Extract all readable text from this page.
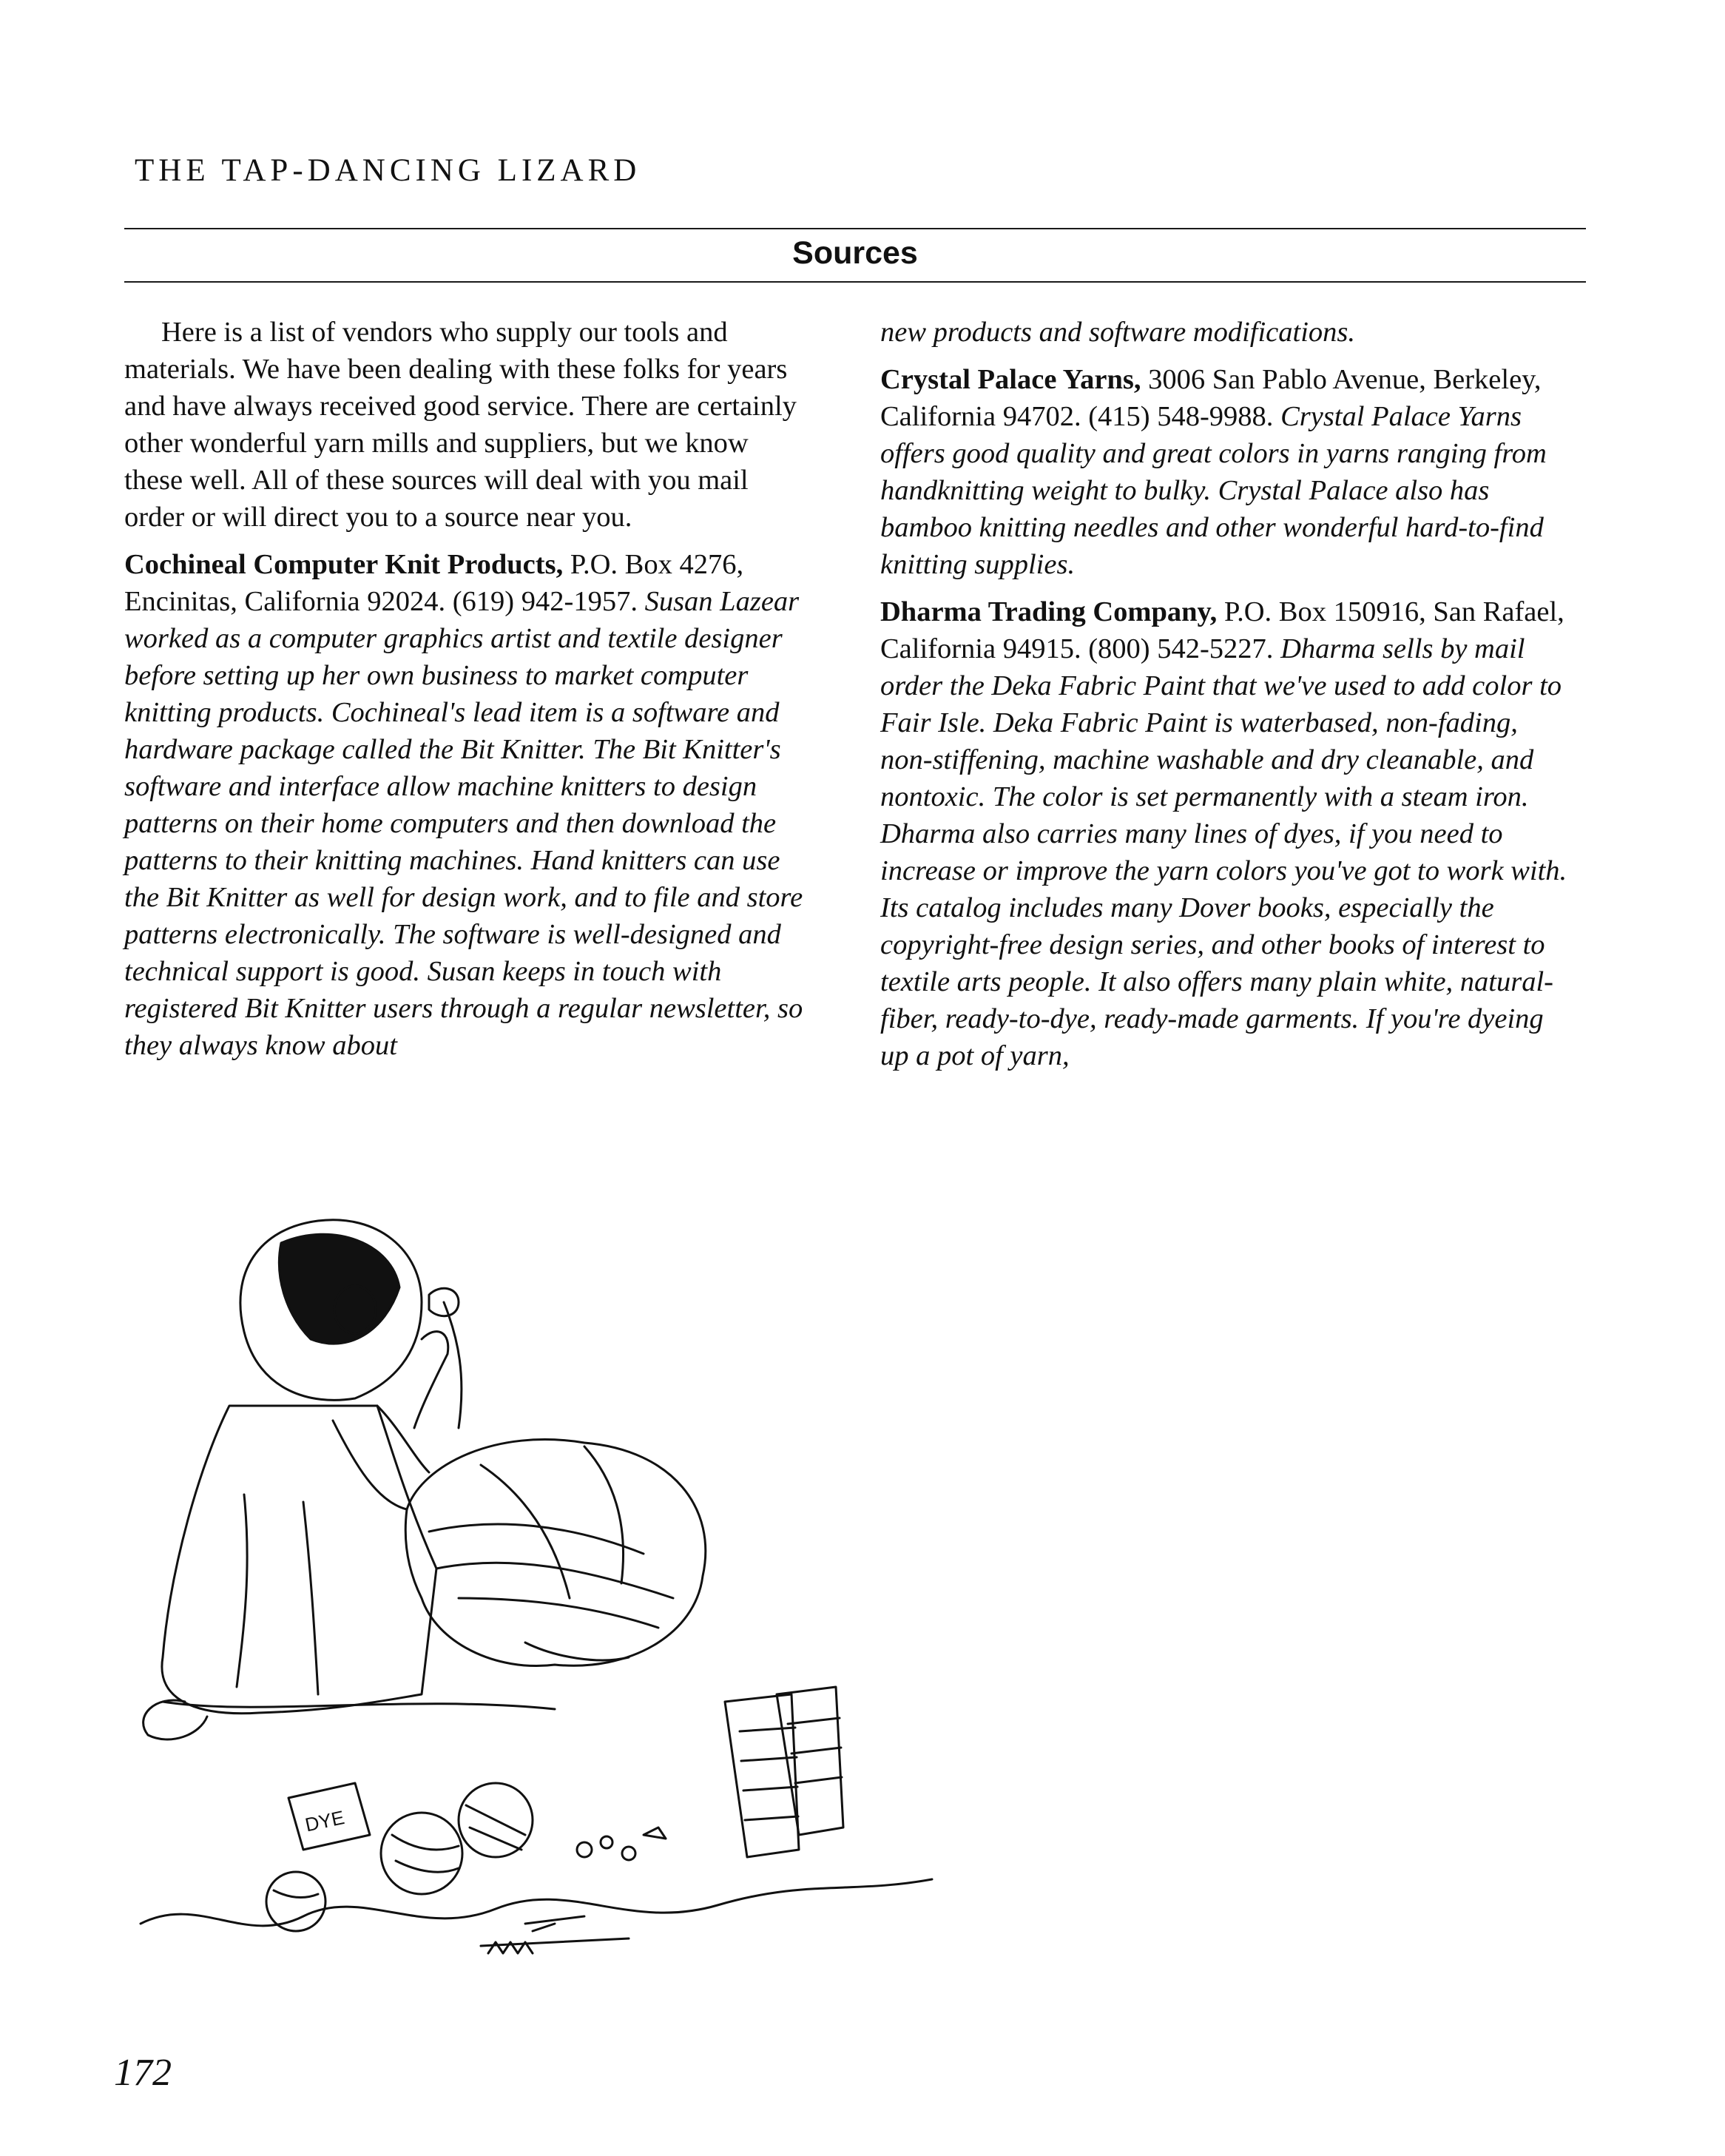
THE TAP-DANCING LIZARD
Sources

Here is a list of vendors who supply our tools and materials. We have been dealing with these folks for years and have always received good service. There are certainly other wonderful yarn mills and suppliers, but we know these well. All of these sources will deal with you mail order or will direct you to a source near you.

Cochineal Computer Knit Products, P.O. Box 4276, Encinitas, California 92024. (619) 942-1957. Susan Lazear worked as a computer graphics artist and textile designer before setting up her own business to market computer knitting products. Cochineal's lead item is a software and hardware package called the Bit Knitter. The Bit Knitter's software and interface allow machine knitters to design patterns on their home computers and then download the patterns to their knitting machines. Hand knitters can use the Bit Knitter as well for design work, and to file and store patterns electronically. The software is well-designed and technical support is good. Susan keeps in touch with registered Bit Knitter users through a regular newsletter, so they always know about

new products and software modifications.

Crystal Palace Yarns, 3006 San Pablo Avenue, Berkeley, California 94702. (415) 548-9988. Crystal Palace Yarns offers good quality and great colors in yarns ranging from handknitting weight to bulky. Crystal Palace also has bamboo knitting needles and other wonderful hard-to-find knitting supplies.

Dharma Trading Company, P.O. Box 150916, San Rafael, California 94915. (800) 542-5227. Dharma sells by mail order the Deka Fabric Paint that we've used to add color to Fair Isle. Deka Fabric Paint is waterbased, non-fading, non-stiffening, machine washable and dry cleanable, and nontoxic. The color is set permanently with a steam iron. Dharma also carries many lines of dyes, if you need to increase or improve the yarn colors you've got to work with. Its catalog includes many Dover books, especially the copyright-free design series, and other books of interest to textile arts people. It also offers many plain white, natural-fiber, ready-to-dye, ready-made garments. If you're dyeing up a pot of yarn,

DYE
172
